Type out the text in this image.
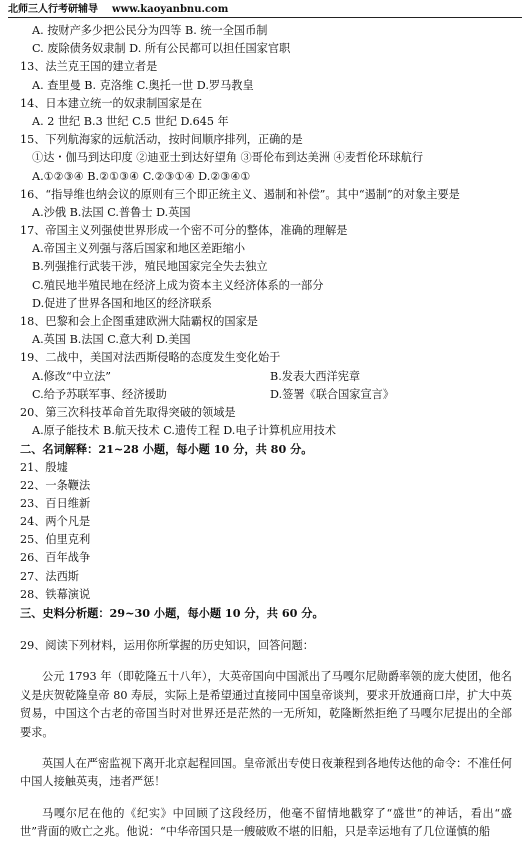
北师三人行考研辅导 www.kaoyanbnu.com
A. 按财产多少把公民分为四等 B. 统一全国币制
C. 废除债务奴隶制 D. 所有公民都可以担任国家官职
13、法兰克王国的建立者是
A. 查里曼 B. 克洛维 C.奥托一世 D.罗马教皇
14、日本建立统一的奴隶制国家是在
A. 2 世纪 B.3 世纪 C.5 世纪 D.645 年
15、下列航海家的远航活动，按时间顺序排列，正确的是
①达・伽马到达印度 ②迪亚士到达好望角 ③哥伦布到达美洲 ④麦哲伦环球航行
A.①②③④ B.②①③④ C.②③①④ D.②③④①
16、“指导维也纳会议的原则有三个即正统主义、遏制和补偿”。其中“遏制”的对象主要是
A.沙俄 B.法国 C.普鲁士 D.英国
17、帝国主义列强使世界形成一个密不可分的整体，准确的理解是
A.帝国主义列强与落后国家和地区差距缩小
B.列强推行武装干涉，殖民地国家完全失去独立
C.殖民地半殖民地在经济上成为资本主义经济体系的一部分
D.促进了世界各国和地区的经济联系
18、巴黎和会上企图重建欧洲大陆霸权的国家是
A.英国 B.法国 C.意大利 D.美国
19、二战中，美国对法西斯侵略的态度发生变化始于
A.修改“中立法”	B.发表大西洋宪章
C.给予苏联军事、经济援助	D.签署《联合国家宣言》
20、第三次科技革命首先取得突破的领域是
A.原子能技术 B.航天技术 C.遗传工程 D.电子计算机应用技术
二、名词解释：21~28 小题，每小题 10 分，共 80 分。
21、殷墟
22、一条鞭法
23、百日维新
24、两个凡是
25、伯里克利
26、百年战争
27、法西斯
28、铁幕演说
三、史料分析题：29~30 小题，每小题 10 分，共 60 分。
29、阅读下列材料，运用你所掌握的历史知识，回答问题：

公元 1793 年（即乾隆五十八年），大英帝国向中国派出了马嘎尔尼勋爵率领的庞大使团，他名义是庆贺乾隆皇帝 80 寿辰，实际上是希望通过直接同中国皇帝谈判，要求开放通商口岸，扩大中英贸易，中国这个古老的帝国当时对世界还是茫然的一无所知，乾隆断然拒绝了马嘎尔尼提出的全部要求。

英国人在严密监视下离开北京起程回国。皇帝派出专使日夜兼程到各地传达他的命令：不准任何中国人接触英夷，违者严惩！

马嘎尔尼在他的《纪实》中回顾了这段经历，他毫不留情地戳穿了“盛世”的神话，看出“盛世”背面的败亡之兆。他说：“中华帝国只是一艘破败不堪的旧船，只是幸运地有了几位谨慎的船
